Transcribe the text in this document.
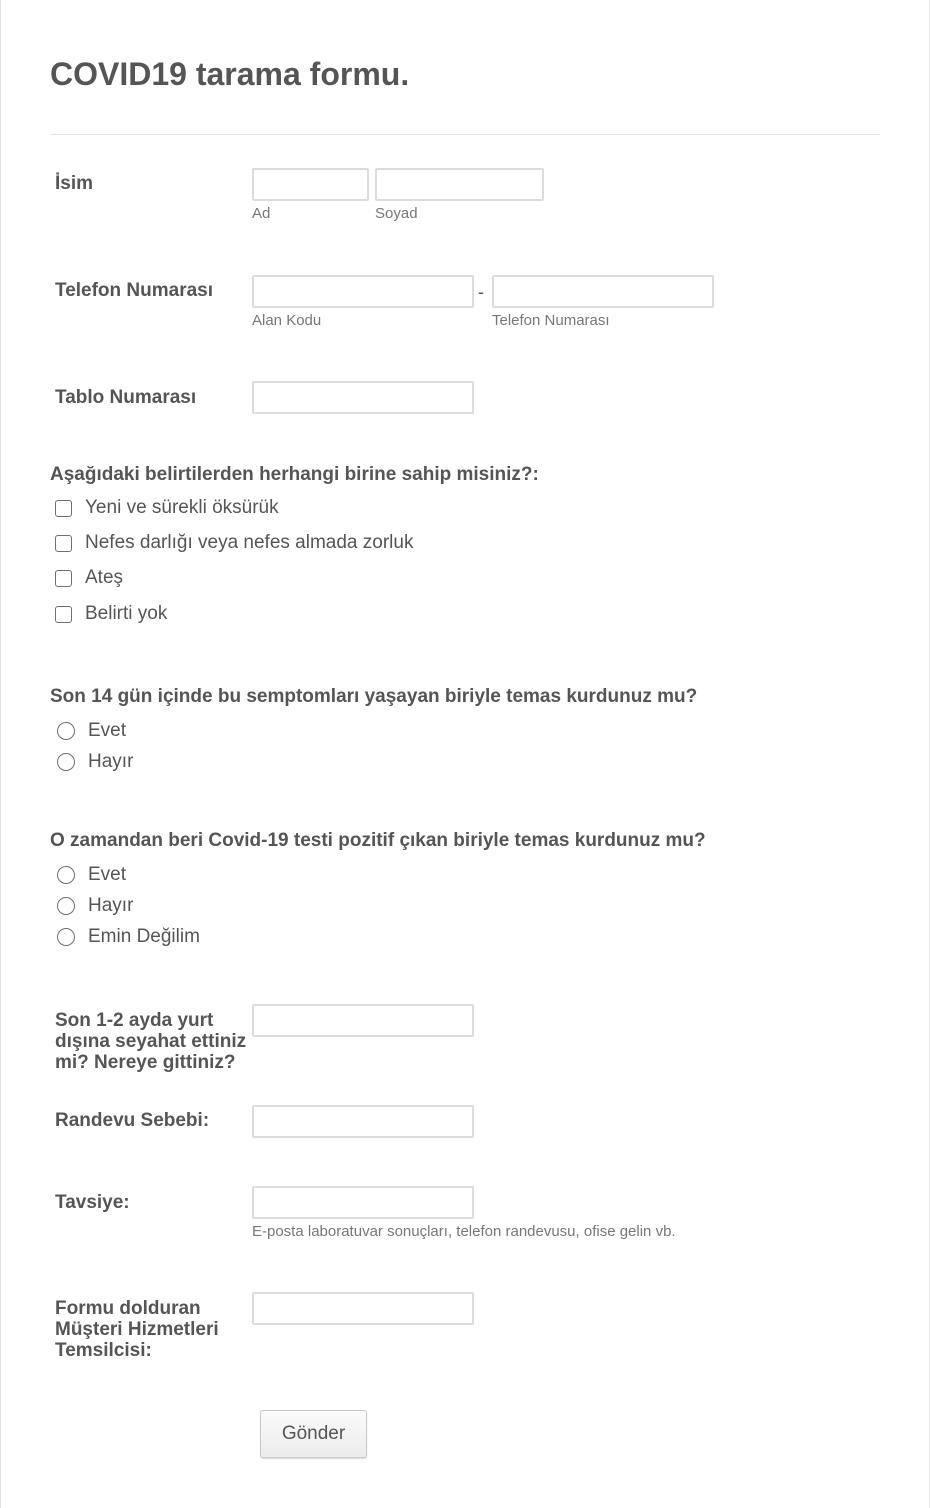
COVID19 tarama formu.
İsim
Ad	Soyad
Telefon Numarası	-
Alan Kodu	Telefon Numarası
Tablo Numarası
Aşağıdaki belirtilerden herhangi birine sahip misiniz?:
Yeni ve sürekli öksürük
Nefes darlığı veya nefes almada zorluk
Ateş
Belirti yok
Son 14 gün içinde bu semptomları yaşayan biriyle temas kurdunuz mu?
Evet
Hayır
O zamandan beri Covid-19 testi pozitif çıkan biriyle temas kurdunuz mu?
Evet
Hayır
Emin Değilim
Son 1-2 ayda yurt
dışına seyahat ettiniz
mi? Nereye gittiniz?
Randevu Sebebi:
Tavsiye:
E-posta laboratuvar sonuçları, telefon randevusu, ofise gelin vb.
Formu dolduran
Müşteri Hizmetleri
Temsilcisi:
Gönder
